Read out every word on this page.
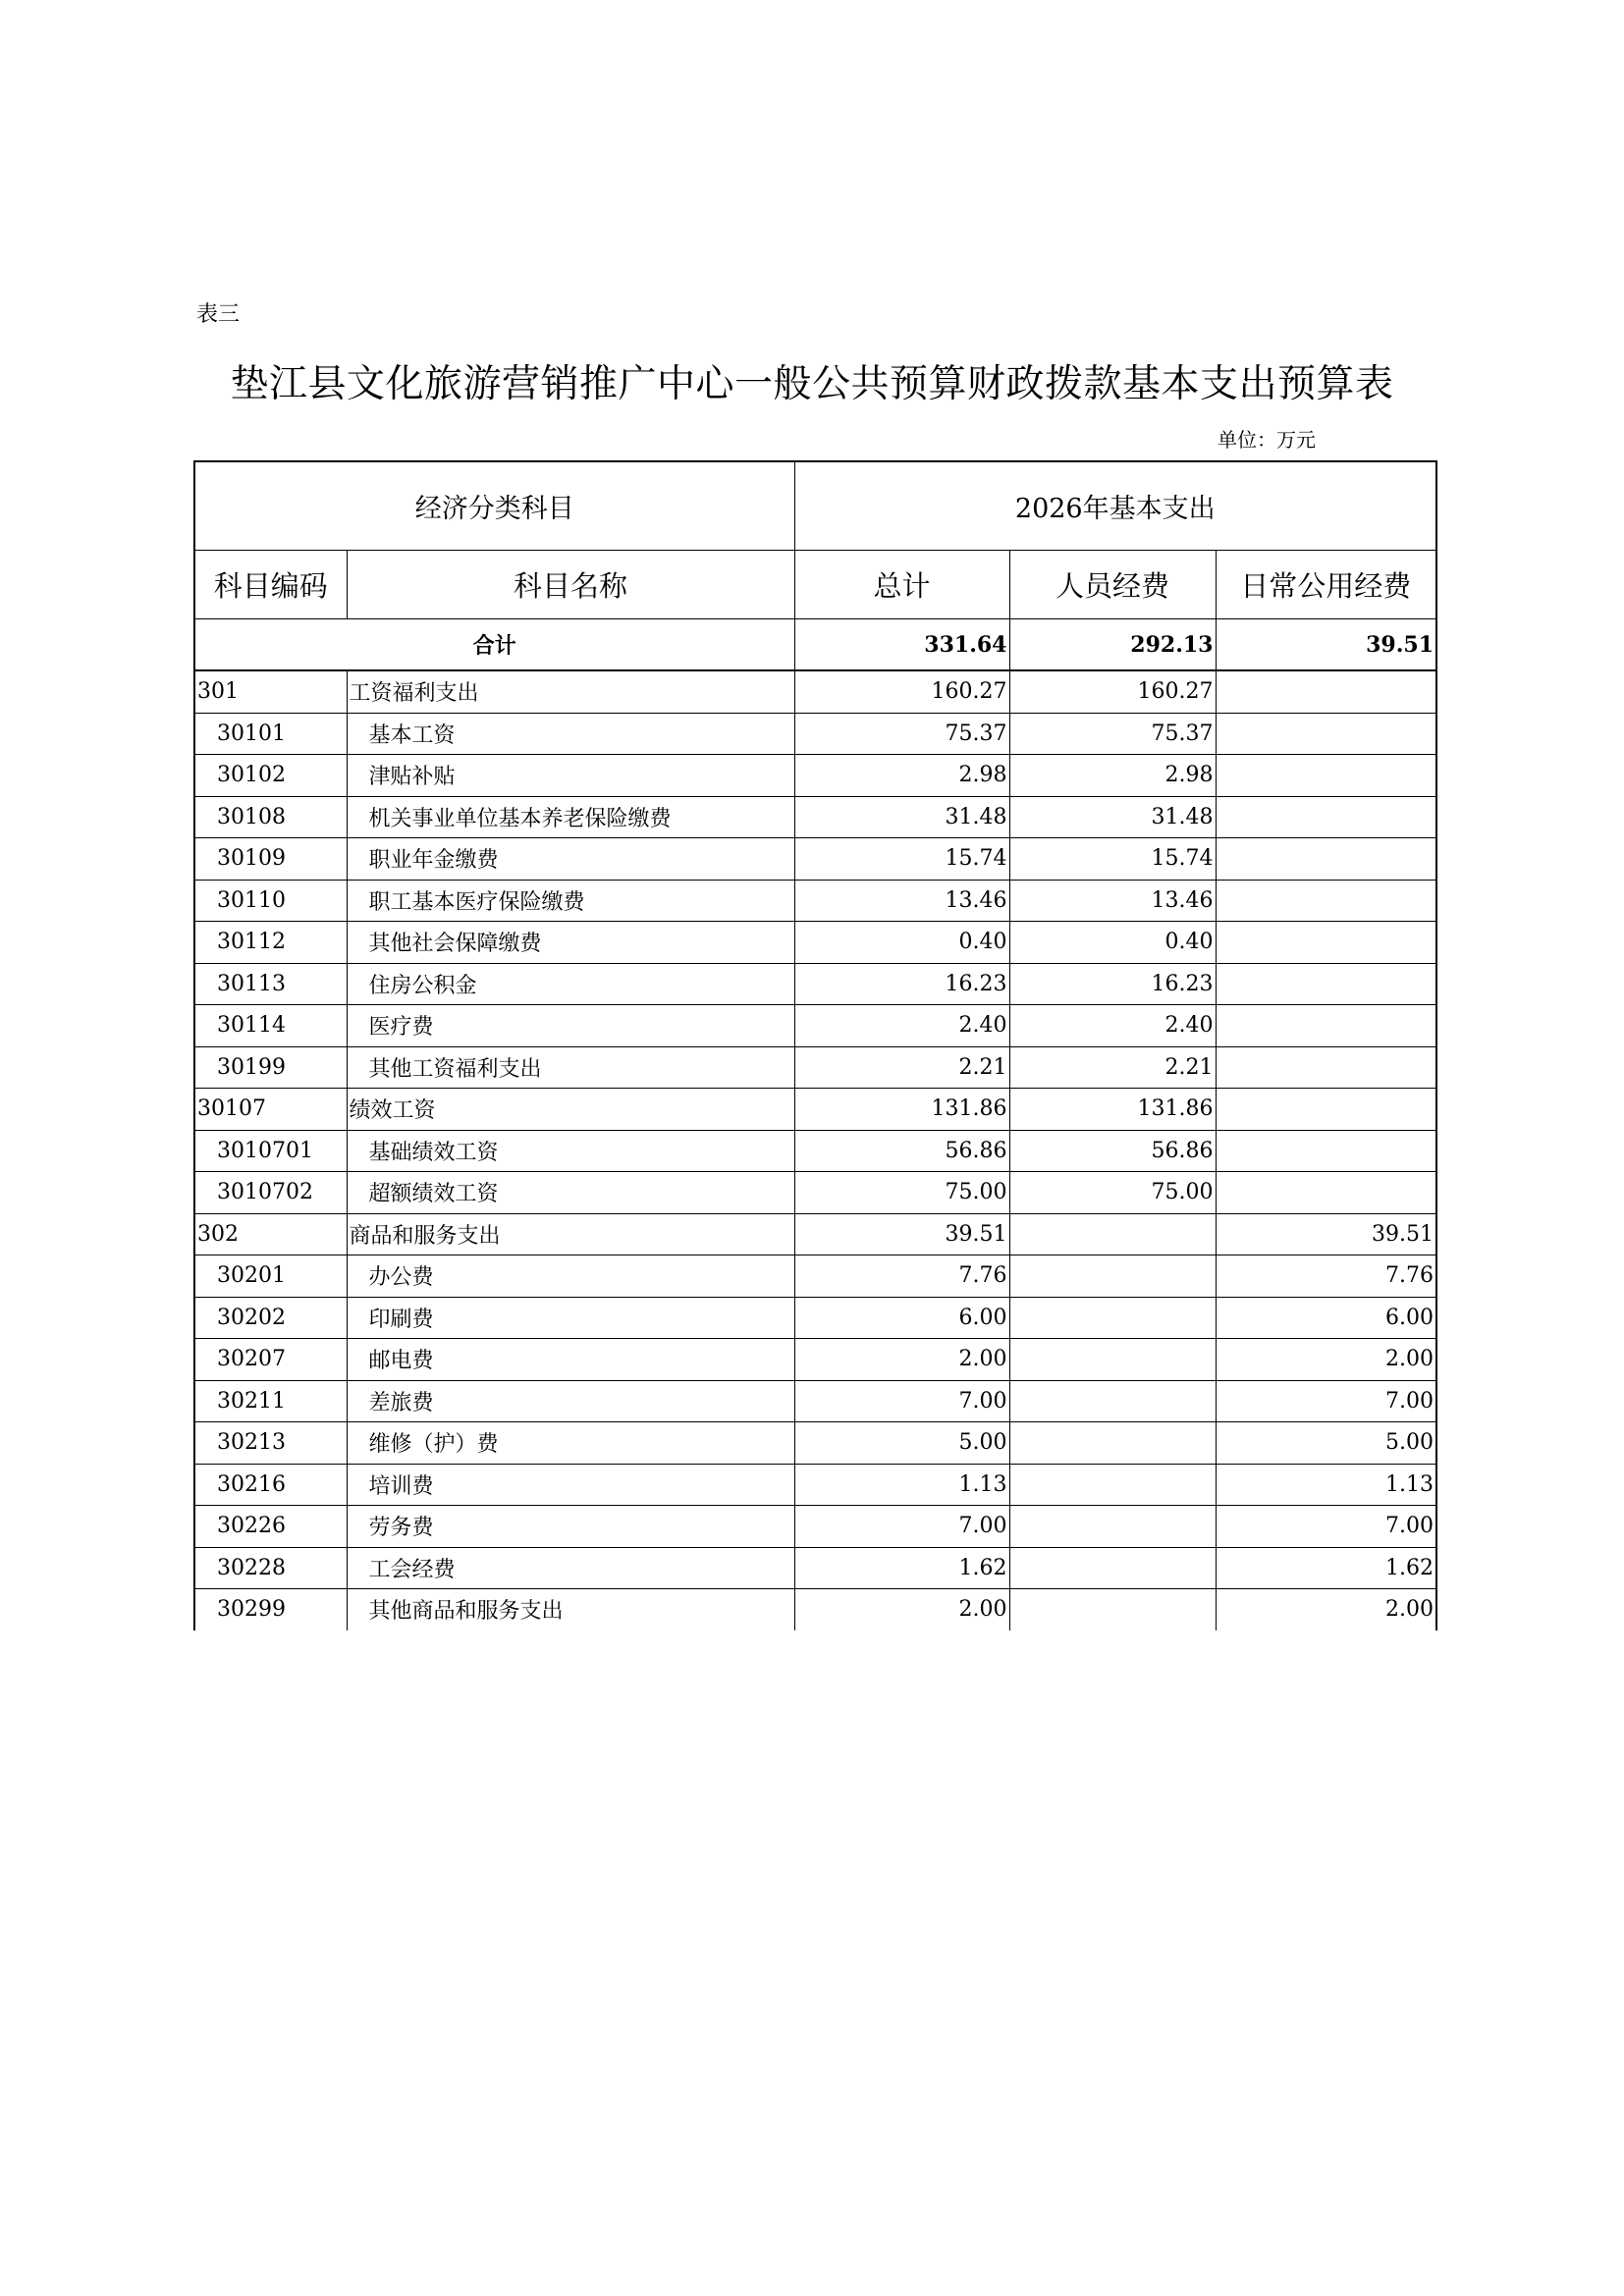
表三
垫江县文化旅游营销推广中心一般公共预算财政拨款基本支出预算表
单位：万元
经济分类科目		2026年基本支出		
科目编码	科目名称	总计	人员经费	日常公用经费
合计		331.64	292.13	39.51
301	工资福利支出	160.27	160.27	
30101	基本工资	75.37	75.37	
30102	津贴补贴	2.98	2.98	
30108	机关事业单位基本养老保险缴费	31.48	31.48	
30109	职业年金缴费	15.74	15.74	
30110	职工基本医疗保险缴费	13.46	13.46	
30112	其他社会保障缴费	0.40	0.40	
30113	住房公积金	16.23	16.23	
30114	医疗费	2.40	2.40	
30199	其他工资福利支出	2.21	2.21	
30107	绩效工资	131.86	131.86	
3010701	基础绩效工资	56.86	56.86	
3010702	超额绩效工资	75.00	75.00	
302	商品和服务支出	39.51		39.51
30201	办公费	7.76		7.76
30202	印刷费	6.00		6.00
30207	邮电费	2.00		2.00
30211	差旅费	7.00		7.00
30213	维修（护）费	5.00		5.00
30216	培训费	1.13		1.13
30226	劳务费	7.00		7.00
30228	工会经费	1.62		1.62
30299	其他商品和服务支出	2.00		2.00
